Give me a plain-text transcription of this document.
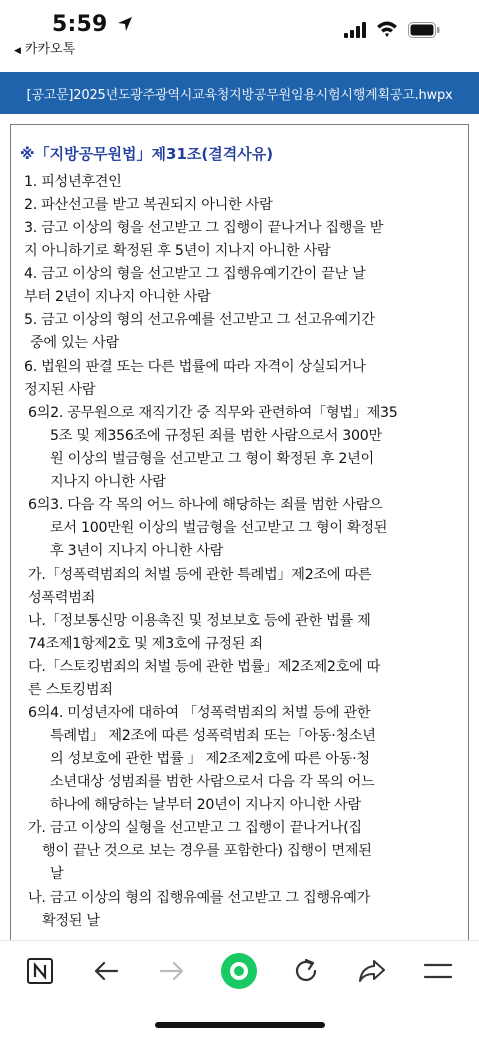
5:59
◀ 카카오톡
[공고문]2025년도광주광역시교육청지방공무원임용시험시행계획공고.hwpx
※「지방공무원법」제31조(결격사유)
1. 피성년후견인
2. 파산선고를 받고 복권되지 아니한 사람
3. 금고 이상의 형을 선고받고 그 집행이 끝나거나 집행을 받
지 아니하기로 확정된 후 5년이 지나지 아니한 사람
4. 금고 이상의 형을 선고받고 그 집행유예기간이 끝난 날
부터 2년이 지나지 아니한 사람
5. 금고 이상의 형의 선고유예를 선고받고 그 선고유예기간
중에 있는 사람
6. 법원의 판결 또는 다른 법률에 따라 자격이 상실되거나
정지된 사람
6의2. 공무원으로 재직기간 중 직무와 관련하여「형법」제35
5조 및 제356조에 규정된 죄를 범한 사람으로서 300만
원 이상의 벌금형을 선고받고 그 형이 확정된 후 2년이
지나지 아니한 사람
6의3. 다음 각 목의 어느 하나에 해당하는 죄를 범한 사람으
로서 100만원 이상의 벌금형을 선고받고 그 형이 확정된
후 3년이 지나지 아니한 사람
가.「성폭력범죄의 처벌 등에 관한 특례법」제2조에 따른
성폭력범죄
나.「정보통신망 이용촉진 및 정보보호 등에 관한 법률 제
74조제1항제2호 및 제3호에 규정된 죄
다.「스토킹범죄의 처벌 등에 관한 법률」제2조제2호에 따
른 스토킹범죄
6의4. 미성년자에 대하여 「성폭력범죄의 처벌 등에 관한
특례법」 제2조에 따른 성폭력범죄 또는「아동·청소년
의 성보호에 관한 법률 」 제2조제2호에 따른 아동·청
소년대상 성범죄를 범한 사람으로서 다음 각 목의 어느
하나에 해당하는 날부터 20년이 지나지 아니한 사람
가. 금고 이상의 실형을 선고받고 그 집행이 끝나거나(집
행이 끝난 것으로 보는 경우를 포함한다) 집행이 면제된
날
나. 금고 이상의 형의 집행유예를 선고받고 그 집행유예가
확정된 날
